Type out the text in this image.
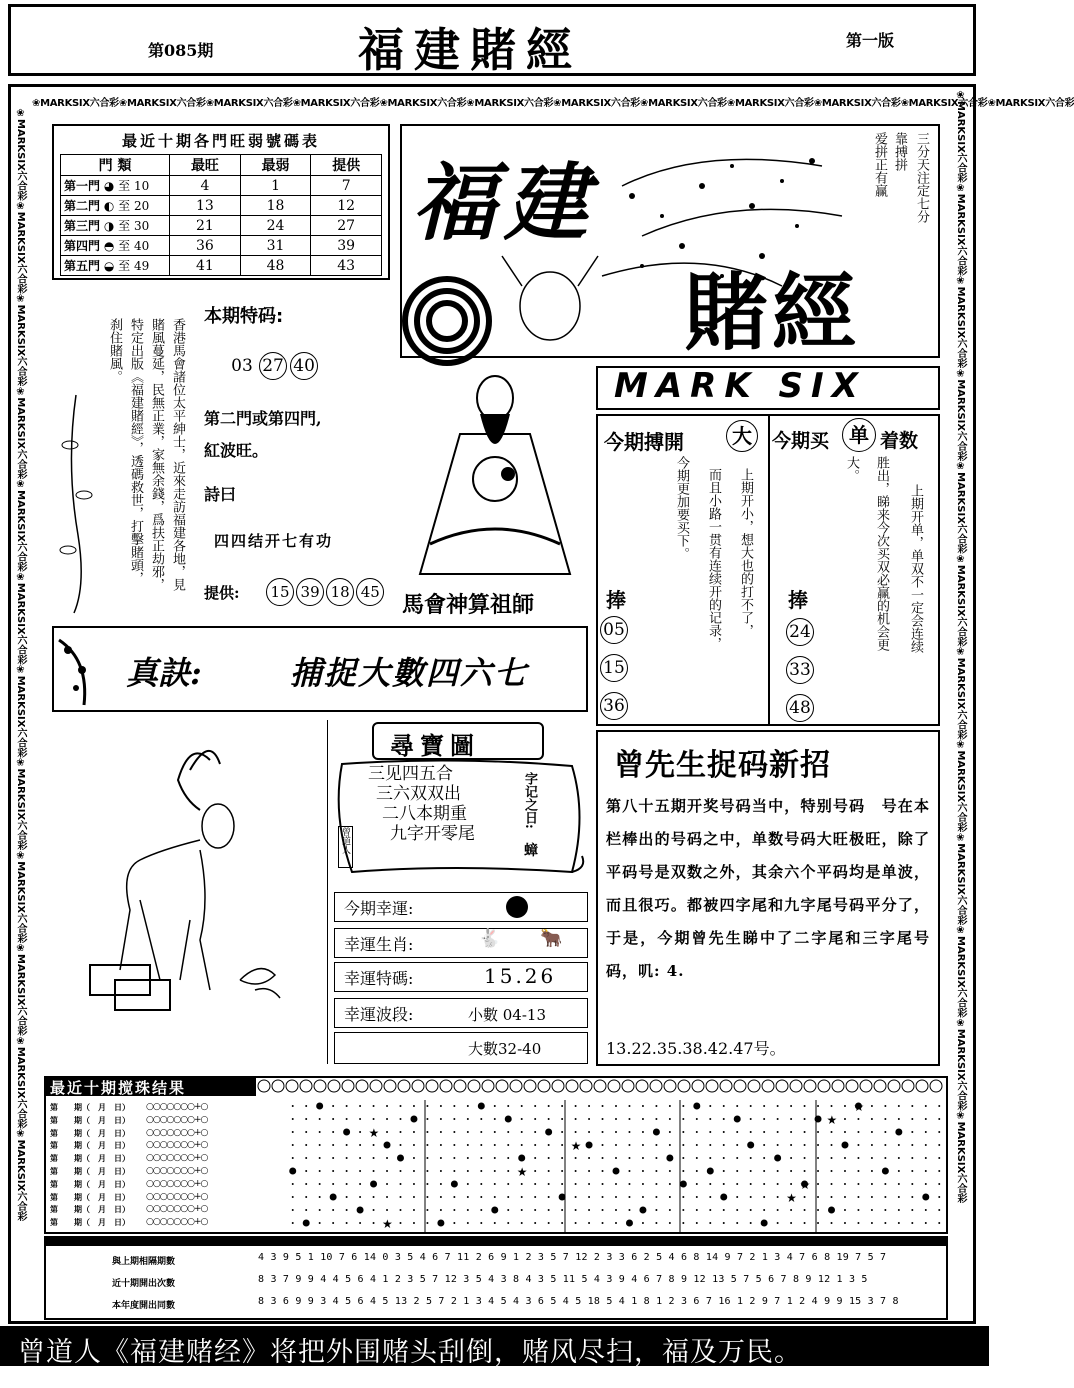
第085期	福建賭經	第一版
❀MARKSIX六合彩❀MARKSIX六合彩❀MARKSIX六合彩❀MARKSIX六合彩❀MARKSIX六合彩❀MARKSIX六合彩❀MARKSIX六合彩❀MARKSIX六合彩❀MARKSIX六合彩❀MARKSIX六合彩❀MARKSIX六合彩❀MARKSIX六合彩
❀MARKSIX六合彩❀MARKSIX六合彩❀MARKSIX六合彩❀MARKSIX六合彩❀MARKSIX六合彩❀MARKSIX六合彩❀MARKSIX六合彩❀MARKSIX六合彩❀MARKSIX六合彩❀MARKSIX六合彩❀MARKSIX六合彩❀MARKSIX六合彩
❀MARKSIX六合彩❀MARKSIX六合彩❀MARKSIX六合彩❀MARKSIX六合彩❀MARKSIX六合彩❀MARKSIX六合彩❀MARKSIX六合彩❀MARKSIX六合彩❀MARKSIX六合彩❀MARKSIX六合彩❀MARKSIX六合彩❀MARKSIX六合彩
最近十期各門旺弱號碼表
門 類	最旺	最弱	提供
第一門 ◕ 至 10	4	1	7
第二門 ◐ 至 20	13	18	12
第三門 ◑ 至 30	21	24	27
第四門 ◓ 至 40	36	31	39
第五門 ◒ 至 49	41	48	43
福建
賭經
爱拼正有赢	三分天注定七分靠搏拼
香港馬會諸位太平紳士，近來走訪福建各地，見賭風蔓延，民無正業，家無余錢，爲扶正劫邪，特定出版《福建賭經》，透碼救世，打擊賭頭，刹住賭風。
本期特码:
03 27 40
第二門或第四門,
紅波旺。
詩曰
四四结开七有功
提供: 15 39 18 45
馬會神算祖師
MARK SIX
今期搏開	大
上期开小，想大也的打不了，
而且小路一贯有连续开的记录，
今期更加要买下。
捧
05
15
36
今期买 单 着数
上期开单，单双不一定会连续
胜出，睇来今次买双必赢的机会更
大。
捧
24
33
48
真訣:	捕捉大數四六七
尋寶圖
三见四五合
三六双双出
二八本期重
九字开零尾
字记之日:
蟑
曾道人
今期幸運:
幸運生肖:	🐇 🐂
幸運特碼:	15.26
幸運波段:	小數 04-13
大數32-40
曾先生捉码新招
第八十五期开奖号码当中，特别号码　号在本栏棒出的号码之中，单数号码大旺极旺，除了平码号是双数之外，其余六个平码均是单波，而且很巧。都被四字尾和九字尾号码平分了，于是，今期曾先生睇中了二字尾和三字尾号码，叽: 4.
13.22.35.38.42.47号。
最近十期搅珠结果
第　　期（　月　日） ○○○○○○○+○
第　　期（　月　日） ○○○○○○○+○
第　　期（　月　日） ○○○○○○○+○
第　　期（　月　日） ○○○○○○○+○
第　　期（　月　日） ○○○○○○○+○
第　　期（　月　日） ○○○○○○○+○
第　　期（　月　日） ○○○○○○○+○
第　　期（　月　日） ○○○○○○○+○
第　　期（　月　日） ○○○○○○○+○
第　　期（　月　日） ○○○○○○○+○
★
★
★
★
★
★
★
★
與上期相隔期數	4 3 9 5 1 10 7 6 14 0 3 5 4 6 7 11 2 6 9 1 2 3 5 7 12 2 3 3 6 2 5 4 6 8 14 9 7 2 1 3 4 7 6 8 19 7 5 7
近十期開出次數	8 3 7 9 9 4 4 5 6 4 1 2 3 5 7 12 3 5 4 3 8 4 3 5 11 5 4 3 9 4 6 7 8 9 12 13 5 7 5 6 7 8 9 12 1 3 5
本年度開出同數	8 3 6 9 9 3 4 5 6 4 5 13 2 5 7 2 1 3 4 5 4 3 6 5 4 5 18 5 4 1 8 1 2 3 6 7 16 1 2 9 7 1 2 4 9 9 15 3 7 8
曾道人《福建赌经》将把外围赌头刮倒，赌风尽扫，福及万民。
